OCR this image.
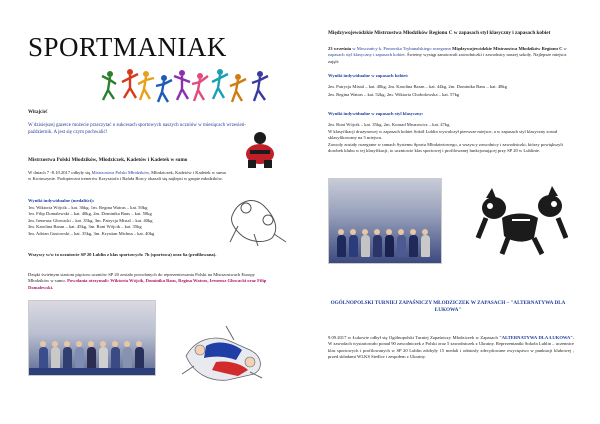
SPORTMANIAK
Witajcie!
W dzisiejszej gazetce możecie przeczytać o sukcesach sportowych naszych uczniów w miesiącach wrzesień- październik. A jest się czym pochwalić!
Mistrzostwa Polski Młodzików, Młodziczek, Kadetów i Kadetek w sumo
W dniach 7 -8.10.2017 odbyły się Mistrzostwa Polski Młodzików, Młodziczek, Kadetów i Kadetek w sumo w Krotoszynie. Podopieczni trenerów Krzysztofa i Rafała Borcy okazali się najlepsi w grupie młodzików.
Wyniki indywidualne (medaliści):
1m. Wiktoria Wójcik – kat. 36kg, 1m. Regina Watras – kat. 50kg
1m. Filip Domalewski – kat. 40kg, 2m. Dominika Baus – kat. 50kg
2m. Ireneusz Głowacki – kat. 35kg, 3m. Patrycja Mistal – kat. 40kg
3m. Karolina Baran – kat. 45kg, 3m. Roni Wójcik – kat. 35kg
3m. Adrian Gustowski – kat. 35kg, 3m. Krystian Michna – kat. 40kg
Wszyscy w/w to uczniowie SP 20 Lublin z klas sportowych: 7b (sportowa) oraz 6a (profilowana).
Dzięki świetnym startom pięcioro uczniów SP 20 zostało powołanych do reprezentowania Polski na Mistrzostwach Europy Młodzików w sumo. Powołania otrzymali: Wiktoria Wójcik, Dominika Baus, Regina Watras, Ireneusz Głowacki oraz Filip Domalewski.
Międzywojewódzkie Mistrzostwa Młodzików Regionu C w zapasach styl klasyczny i zapasach kobiet
23 września w Mosczańcy k. Pomorska Trybunalskiego rozegrano Międzywojewódzkie Mistrzostwa Młodzików Regionu C w zapasach styl klasyczny i zapasach kobiet. Świetny występ zanotowali zawodniczki i zawodnicy naszej szkoły. Najlepsze miejsca zajęli:
Wyniki indywidualne w zapasach kobiet:
2m. Patrycja Mistal – kat. 40kg, 2m. Karolina Baran – kat. 44kg, 2m. Dominika Baus – kat. 48kg
2m. Regina Watras – kat. 52kg, 2m. Wiktoria Chołodowska – kat. 57kg
Wyniki indywidualne w zapasach styl klasyczny:
2m. Roni Wójcik – kat. 35kg, 2m. Konrad Mruzowicz – kat. 47kg
W klasyfikacji drużynowej w zapasach kobiet Sokół Lublin wywalczył pierwsze miejsce, a w zapasach styl klasyczny został sklasyfikowany na 5 miejscu.
Zawody zostały rozegrane w ramach Systemu Sportu Młodzieżowego, a wszyscy zawodnicy i zawodniczki, którzy powiększyli dorobek klubu w tej klasyfikacji, to uczniowie klas sportowej i profilowanej funkcjonującej przy SP 20 w Lublinie.
OGÓLNOPOLSKI TURNIEJ ZAPAŚNICZY MŁODZICZEK W ZAPASACH – "ALTERNATYWA DLA ŁUKOWA"
9.09.2017 w Łukowie odbył się Ogólnopolski Turniej Zapaśniczy Młodziczek w Zapasach "ALTERNATYWA DLA ŁUKOWA". W zawodach wystartowało ponad 90 zawodniczek z Polski oraz 5 zawodniczek z Ukrainy. Reprezentantki Sokoła Lublin – uczennice klas sportowych i profilowanych w SP 20 Lublin zdobyły 15 medali i odniosły zdecydowane zwycięstwo w punktacji klubowej , przed składami WLKS Siedlce i zespołem z Ukrainy.
